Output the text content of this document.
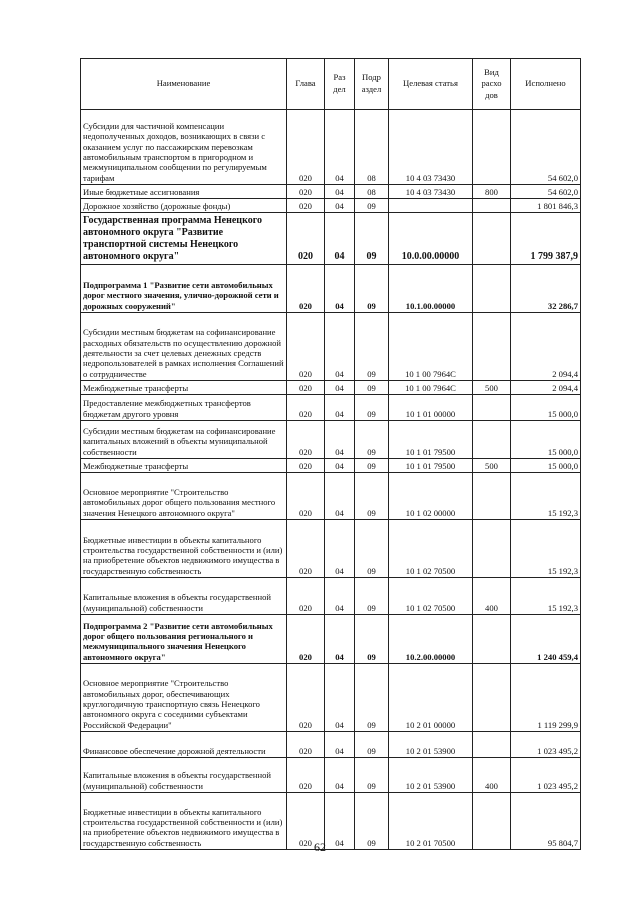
Наименование	Глава	Раз дел	Подр аздел	Целевая статья	Вид расхо дов	Исполнено
Субсидии для частичной компенсации недополученных доходов, возникающих в связи с оказанием услуг по пассажирским перевозкам автомобильным транспортом в пригородном и межмуниципальном сообщении по регулируемым тарифам	020	04	08	10 4 03 73430		54 602,0
Иные бюджетные ассигнования	020	04	08	10 4 03 73430	800	54 602,0
Дорожное хозяйство (дорожные фонды)	020	04	09			1 801 846,3
Государственная программа Ненецкого автономного округа "Развитие транспортной системы Ненецкого автономного округа"	020	04	09	10.0.00.00000		1 799 387,9
Подпрограмма 1 "Развитие сети автомобильных дорог местного значения, улично-дорожной сети и дорожных сооружений"	020	04	09	10.1.00.00000		32 286,7
Субсидии местным бюджетам на софинансирование расходных обязательств по осуществлению дорожной деятельности за счет целевых денежных средств недропользователей в рамках исполнения Соглашений о сотрудничестве	020	04	09	10 1 00 7964С		2 094,4
Межбюджетные трансферты	020	04	09	10 1 00 7964С	500	2 094,4
Предоставление межбюджетных трансфертов бюджетам другого уровня	020	04	09	10 1 01 00000		15 000,0
Субсидии местным бюджетам на софинансирование капитальных вложений в объекты муниципальной собственности	020	04	09	10 1 01 79500		15 000,0
Межбюджетные трансферты	020	04	09	10 1 01 79500	500	15 000,0
Основное мероприятие "Строительство автомобильных дорог общего пользования местного значения Ненецкого автономного округа"	020	04	09	10 1 02 00000		15 192,3
Бюджетные инвестиции в объекты капитального строительства государственной собственности и (или) на приобретение объектов недвижимого имущества в государственную собственность	020	04	09	10 1 02 70500		15 192,3
Капитальные вложения в объекты государственной (муниципальной) собственности	020	04	09	10 1 02 70500	400	15 192,3
Подпрограмма 2 "Развитие сети автомобильных дорог общего пользования регионального и межмуниципального значения Ненецкого автономного округа"	020	04	09	10.2.00.00000		1 240 459,4
Основное мероприятие "Строительство автомобильных дорог, обеспечивающих круглогодичную транспортную связь Ненецкого автономного округа с соседними субъектами Российской Федерации"	020	04	09	10 2 01 00000		1 119 299,9
Финансовое обеспечение дорожной деятельности	020	04	09	10 2 01 53900		1 023 495,2
Капитальные вложения в объекты государственной (муниципальной) собственности	020	04	09	10 2 01 53900	400	1 023 495,2
Бюджетные инвестиции в объекты капитального строительства государственной собственности и (или) на приобретение объектов недвижимого имущества в государственную собственность	020	04	09	10 2 01 70500		95 804,7
62
